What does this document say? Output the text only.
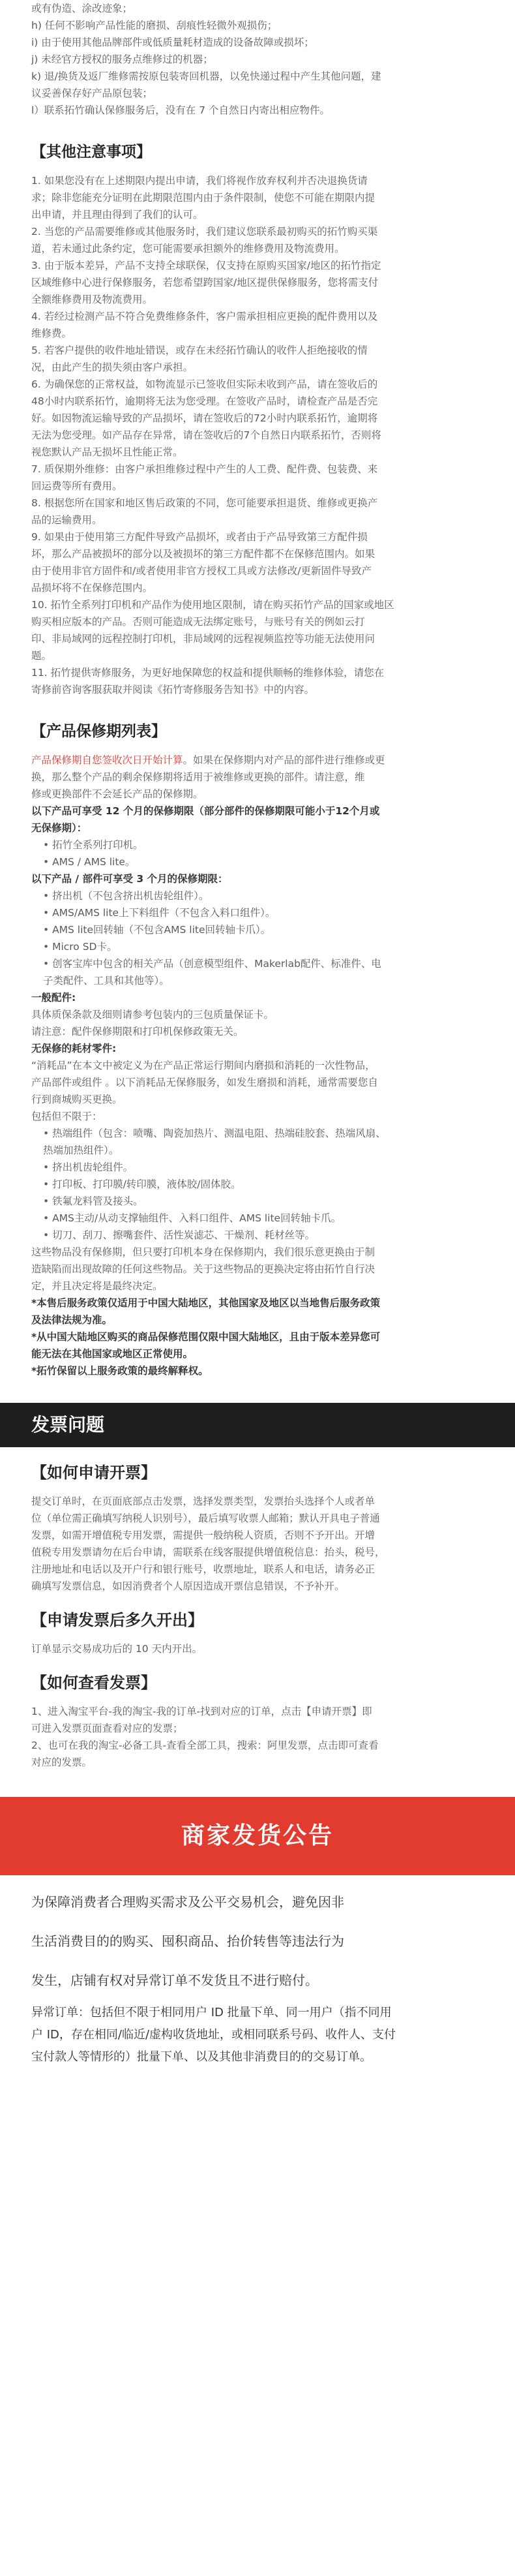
或有伪造、涂改迹象；

h) 任何不影响产品性能的磨损、刮痕性轻微外观损伤；

i) 由于使用其他品牌部件或低质量耗材造成的设备故障或损坏；

j) 未经官方授权的服务点维修过的机器；

k) 退/换货及返厂维修需按原包装寄回机器，以免快递过程中产生其他问题，建

议妥善保存好产品原包装；

l）联系拓竹确认保修服务后，没有在 7 个自然日内寄出相应物件。

【其他注意事项】

1. 如果您没有在上述期限内提出申请，我们将视作放弃权利并否决退换货请

求；除非您能充分证明在此期限范围内由于条件限制，使您不可能在期限内提

出申请，并且理由得到了我们的认可。

2. 当您的产品需要维修或其他服务时，我们建议您联系最初购买的拓竹购买渠

道，若未通过此条约定，您可能需要承担额外的维修费用及物流费用。

3. 由于版本差异，产品不支持全球联保，仅支持在原购买国家/地区的拓竹指定

区域维修中心进行保修服务，若您希望跨国家/地区提供保修服务，您将需支付

全额维修费用及物流费用。

4. 若经过检测产品不符合免费维修条件，客户需承担相应更换的配件费用以及

维修费。

5. 若客户提供的收件地址错误，或存在未经拓竹确认的收件人拒绝接收的情

况，由此产生的损失须由客户承担。

6. 为确保您的正常权益，如物流显示已签收但实际未收到产品，请在签收后的

48小时内联系拓竹，逾期将无法为您受理。在签收产品时，请检查产品是否完

好。如因物流运输导致的产品损坏，请在签收后的72小时内联系拓竹，逾期将

无法为您受理。如产品存在异常，请在签收后的7个自然日内联系拓竹，否则将

视您默认产品无损坏且性能正常。

7. 质保期外维修：由客户承担维修过程中产生的人工费、配件费、包装费、来

回运费等所有费用。

8. 根据您所在国家和地区售后政策的不同，您可能要承担退货、维修或更换产

品的运输费用。

9. 如果由于使用第三方配件导致产品损坏，或者由于产品导致第三方配件损

坏，那么产品被损坏的部分以及被损坏的第三方配件都不在保修范围内。如果

由于使用非官方固件和/或者使用非官方授权工具或方法修改/更新固件导致产

品损坏将不在保修范围内。

10. 拓竹全系列打印机和产品作为使用地区限制，请在购买拓竹产品的国家或地区

购买相应版本的产品。否则可能造成无法绑定账号，与账号有关的例如云打

印、非局域网的远程控制打印机，非局域网的远程视频监控等功能无法使用问

题。

11. 拓竹提供寄修服务，为更好地保障您的权益和提供顺畅的维修体验，请您在

寄修前咨询客服获取并阅读《拓竹寄修服务告知书》中的内容。

【产品保修期列表】

产品保修期自您签收次日开始计算。如果在保修期内对产品的部件进行维修或更

换，那么整个产品的剩余保修期将适用于被维修或更换的部件。请注意，维

修或更换部件不会延长产品的保修期。

以下产品可享受 12 个月的保修期限（部分部件的保修期限可能小于12个月或

无保修期）：

• 拓竹全系列打印机。

• AMS / AMS lite。

以下产品 / 部件可享受 3 个月的保修期限：

• 挤出机（不包含挤出机齿轮组件）。

• AMS/AMS lite上下料组件（不包含入料口组件）。

• AMS lite回转轴（不包含AMS lite回转轴卡爪）。

• Micro SD卡。

• 创客宝库中包含的相关产品（创意模型组件、Makerlab配件、标准件、电

子类配件、工具和其他等）。

一般配件:

具体质保条款及细则请参考包装内的三包质量保证卡。

请注意：配件保修期限和打印机保修政策无关。

无保修的耗材零件:

“消耗品”在本文中被定义为在产品正常运行期间内磨损和消耗的一次性物品，

产品部件或组件 。以下消耗品无保修服务，如发生磨损和消耗，通常需要您自

行到商城购买更换。

包括但不限于：

• 热端组件（包含：喷嘴、陶瓷加热片、测温电阻、热端硅胶套、热端风扇、

热端加热组件）。

• 挤出机齿轮组件。

• 打印板、打印膜/转印膜，液体胶/固体胶。

• 铁氟龙料管及接头。

• AMS主动/从动支撑轴组件、入料口组件、AMS lite回转轴卡爪。

• 切刀、刮刀、擦嘴套件、活性炭滤芯、干燥剂、耗材丝等。

这些物品没有保修期，但只要打印机本身在保修期内，我们很乐意更换由于制

造缺陷而出现故障的任何这些物品。关于这些物品的更换决定将由拓竹自行决

定，并且决定将是最终决定。

*本售后服务政策仅适用于中国大陆地区，其他国家及地区以当地售后服务政策

及法律法规为准。

*从中国大陆地区购买的商品保修范围仅限中国大陆地区，且由于版本差异您可

能无法在其他国家或地区正常使用。

*拓竹保留以上服务政策的最终解释权。

发票问题
【如何申请开票】

提交订单时，在页面底部点击发票，选择发票类型，发票抬头选择个人或者单

位（单位需正确填写纳税人识别号），最后填写收票人邮箱；默认开具电子普通

发票，如需开增值税专用发票，需提供一般纳税人资质，否则不予开出。开增

值税专用发票请勿在后台申请，需联系在线客服提供增值税信息：抬头，税号，

注册地址和电话以及开户行和银行账号，收票地址，联系人和电话，请务必正

确填写发票信息，如因消费者个人原因造成开票信息错误，不予补开。

【申请发票后多久开出】

订单显示交易成功后的 10 天内开出。

【如何查看发票】

1、进入淘宝平台-我的淘宝-我的订单-找到对应的订单，点击【申请开票】即

可进入发票页面查看对应的发票；

2、也可在我的淘宝-必备工具-查看全部工具，搜索：阿里发票，点击即可查看

对应的发票。

商家发货公告

为保障消费者合理购买需求及公平交易机会，避免因非

生活消费目的的购买、囤积商品、抬价转售等违法行为

发生，店铺有权对异常订单不发货且不进行赔付。

异常订单：包括但不限于相同用户 ID 批量下单、同一用户（指不同用

户 ID，存在相同/临近/虚构收货地址，或相同联系号码、收件人、支付

宝付款人等情形的）批量下单、以及其他非消费目的的交易订单。
